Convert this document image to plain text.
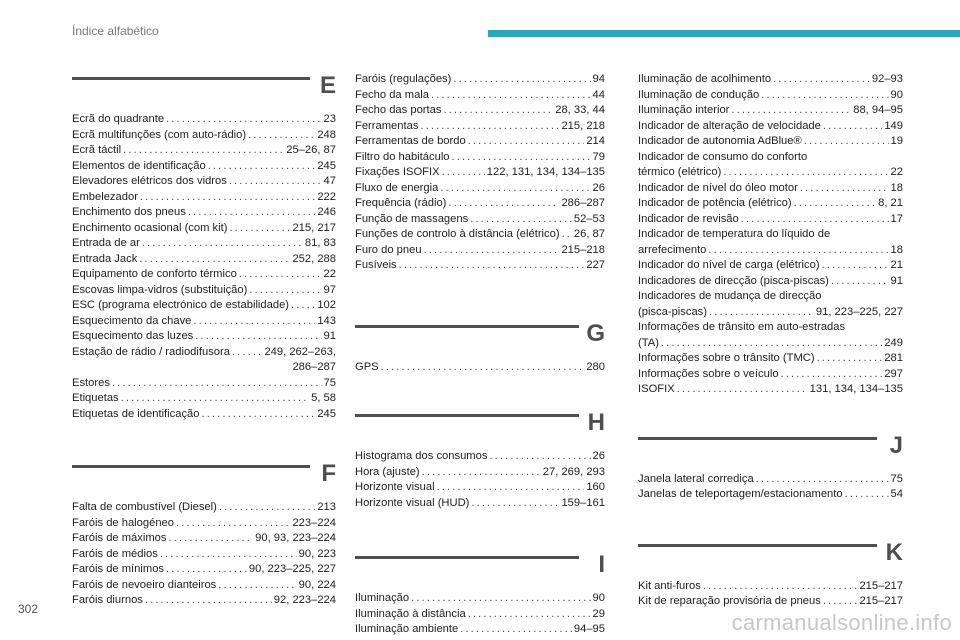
Índice alfabético
E
Ecrã do quadrante . . .	23
Ecrã multifunções (com auto-rádio) . . .	248
Ecrã táctil . . .	25–26, 87
Elementos de identificação . . .	245
Elevadores elétricos dos vidros . . .	47
Embelezador . . .	222
Enchimento dos pneus . . .	246
Enchimento ocasional (com kit) . . .	215, 217
Entrada de ar . . .	81, 83
Entrada Jack . . .	252, 288
Equipamento de conforto térmico . . .	22
Escovas limpa-vidros (substituição) . . .	97
ESC (programa electrónico de estabilidade) . . .	102
Esquecimento da chave . . .	143
Esquecimento das luzes . . .	91
Estação de rádio / radiodifusora . . .	249, 262–263,
286–287
Estores . . .	75
Etiquetas . . .	5, 58
Etiquetas de identificação . . .	245
F
Falta de combustível (Diesel) . . .	213
Faróis de halogéneo . . .	223–224
Faróis de máximos . . .	90, 93, 223–224
Faróis de médios . . .	90, 223
Faróis de mínimos . . .	90, 223–225, 227
Faróis de nevoeiro dianteiros . . .	90, 224
Faróis diurnos . . .	92, 223–224
Faróis (regulações) . . .	94
Fecho da mala . . .	44
Fecho das portas . . .	28, 33, 44
Ferramentas . . .	215, 218
Ferramentas de bordo . . .	214
Filtro do habitáculo . . .	79
Fixações ISOFIX . . .	122, 131, 134, 134–135
Fluxo de energia . . .	26
Frequência (rádio) . . .	286–287
Função de massagens . . .	52–53
Funções de controlo à distância (elétrico) . . . 26, 87
Furo do pneu . . .	215–218
Fusíveis . . .	227
G
GPS . . .	280
H
Histograma dos consumos . . .	26
Hora (ajuste) . . .	27, 269, 293
Horizonte visual . . .	160
Horizonte visual (HUD) . . .	159–161
I
Iluminação . . .	90
Iluminação à distância . . .	29
Iluminação ambiente . . .	94–95
Iluminação de acolhimento . . .	92–93
Iluminação de condução . . .	90
Iluminação interior . . .	88, 94–95
Indicador de alteração de velocidade . . .	149
Indicador de autonomia AdBlue® . . .	19
Indicador de consumo do conforto
térmico (elétrico) . . .	22
Indicador de nível do óleo motor . . .	18
Indicador de potência (elétrico) . . .	8, 21
Indicador de revisão . . .	17
Indicador de temperatura do líquido de
arrefecimento . . .	18
Indicador do nível de carga (elétrico) . . .	21
Indicadores de direcção (pisca-piscas) . . .	91
Indicadores de mudança de direcção
(pisca-piscas) . . .	91, 223–225, 227
Informações de trânsito em auto-estradas
(TA) . . .	249
Informações sobre o trânsito (TMC) . . .	281
Informações sobre o veículo . . .	297
ISOFIX . . .	131, 134, 134–135
J
Janela lateral corrediça . . .	75
Janelas de teleportagem/estacionamento . . .	54
K
Kit anti-furos . . .	215–217
Kit de reparação provisória de pneus . . .	215–217
302
carmanualsonline.info
